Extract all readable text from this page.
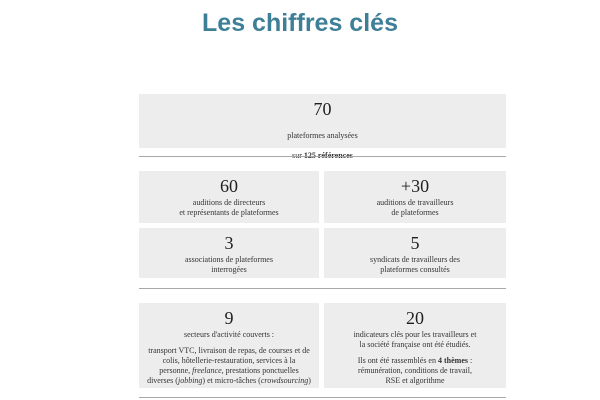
Les chiffres clés
70

plateformes analysées

60
auditions de directeurs
et représentants de plateformes
+30
auditions de travailleurs
de plateformes
3
associations de plateformes
interrogées
5
syndicats de travailleurs des
plateformes consultés
9
secteurs d'activité couverts :
transport VTC, livraison de repas, de courses et de colis, hôtellerie-restauration, services à la personne, freelance, prestations ponctuelles diverses (jobbing) et micro-tâches (crowdsourcing)
20
indicateurs clés pour les travailleurs et
la société française ont été étudiés.
Ils ont été rassemblés en 4 thèmes :
rémunération, conditions de travail,
RSE et algorithme
